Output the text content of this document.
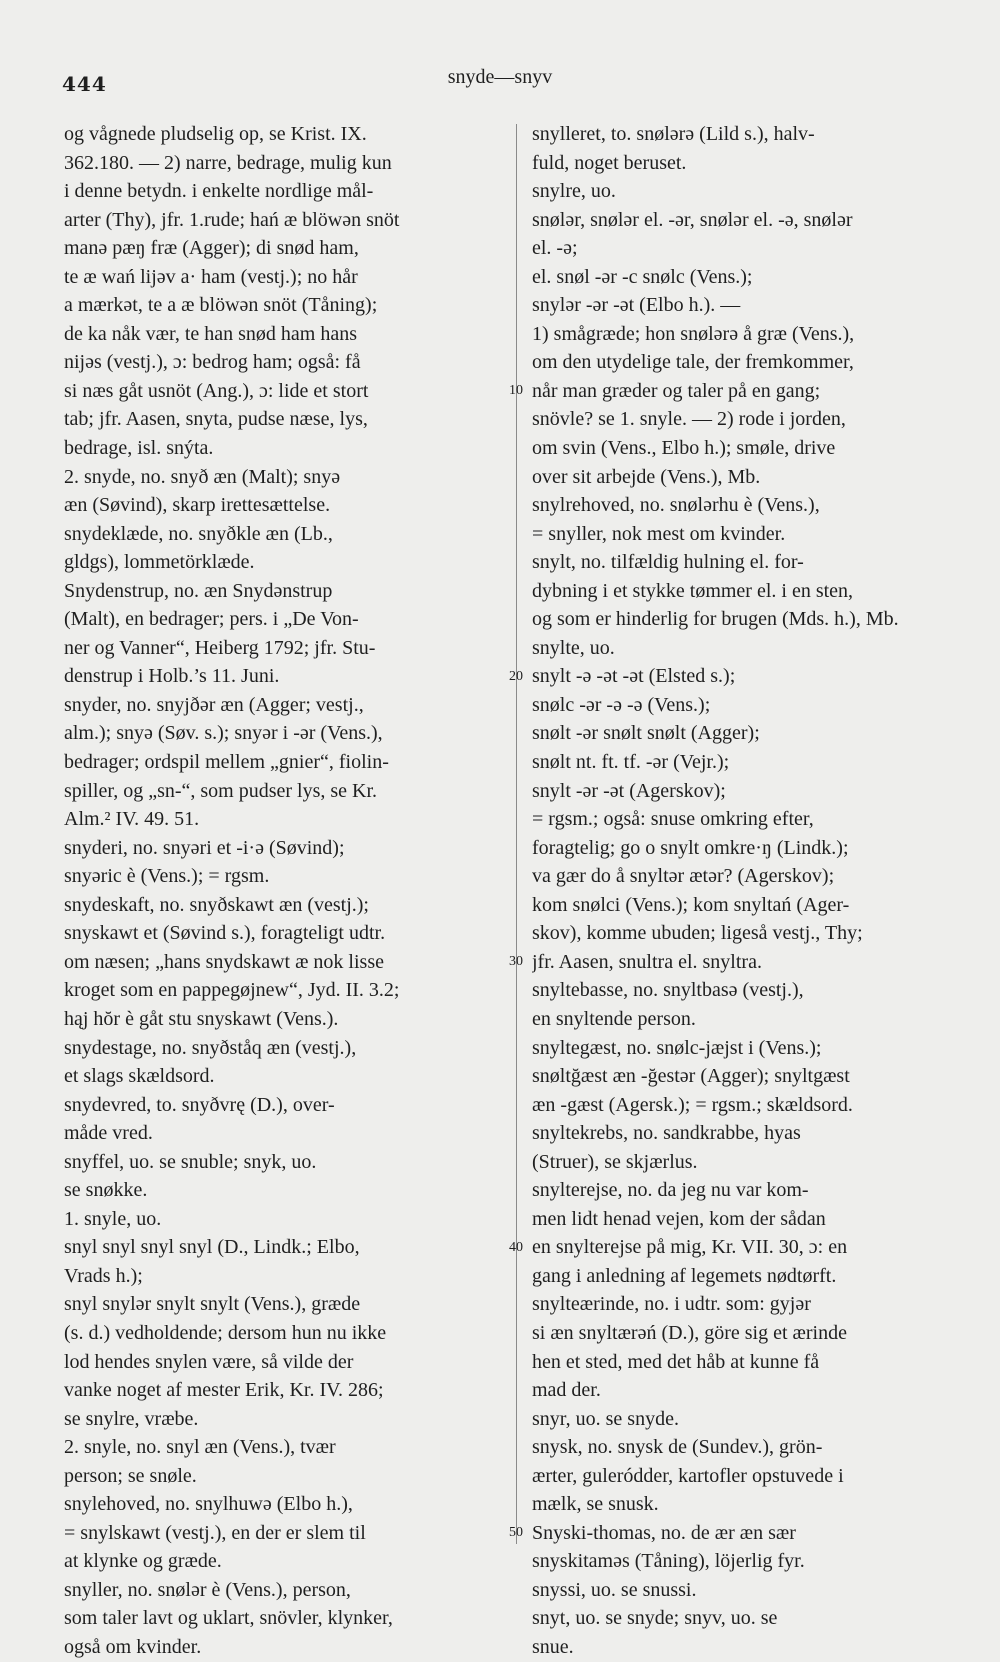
444	snyde—snyv
og vågnede pludselig op, se Krist. IX.
362.180. — 2) narre, bedrage, mulig kun
i denne betydn. i enkelte nordlige mål-
arter (Thy), jfr. 1.rude; hań æ blöwən snöt
manə pæŋ fræ (Agger); di snød ham,
te æ wań lijəv a· ham (vestj.); no hår
a mærkət, te a æ blöwən snöt (Tåning);
de ka nåk vær, te han snød ham hans
nijəs (vestj.), ɔ: bedrog ham; også: få
si næs gåt usnöt (Ang.), ɔ: lide et stort
tab; jfr. Aasen, snyta, pudse næse, lys,
bedrage, isl. snýta.
2. snyde, no. snyð æn (Malt); snyə
æn (Søvind), skarp irettesættelse.
snydeklæde, no. snyðkle æn (Lb.,
gldgs), lommetörklæde.
Snydenstrup, no. æn Snydənstrup
(Malt), en bedrager; pers. i „De Von-
ner og Vanner“, Heiberg 1792; jfr. Stu-
denstrup i Holb.’s 11. Juni.
snyder, no. snyjðər æn (Agger; vestj.,
alm.); snyə (Søv. s.); snyər i -ər (Vens.),
bedrager; ordspil mellem „gnier“, fiolin-
spiller, og „sn-“, som pudser lys, se Kr.
Alm.² IV. 49. 51.
snyderi, no. snyəri et -i·ə (Søvind);
snyəric è (Vens.); = rgsm.
snydeskaft, no. snyðskawt æn (vestj.);
snyskawt et (Søvind s.), foragteligt udtr.
om næsen; „hans snydskawt æ nok lisse
kroget som en pappegøjnew“, Jyd. II. 3.2;
hąj hŏr è gåt stu snyskawt (Vens.).
snydestage, no. snyðståq æn (vestj.),
et slags skældsord.
snydevred, to. snyðvrę (D.), over-
måde vred.
snyffel, uo. se snuble; snyk, uo.
se snøkke.
1. snyle, uo.
snyl snyl snyl snyl (D., Lindk.; Elbo,
Vrads h.);
snyl snylər snylt snylt (Vens.), græde
(s. d.) vedholdende; dersom hun nu ikke
lod hendes snylen være, så vilde der
vanke noget af mester Erik, Kr. IV. 286;
se snylre, vræbe.
2. snyle, no. snyl æn (Vens.), tvær
person; se snøle.
snylehoved, no. snylhuwə (Elbo h.),
= snylskawt (vestj.), en der er slem til
at klynke og græde.
snyller, no. snølər è (Vens.), person,
som taler lavt og uklart, snövler, klynker,
også om kvinder.
snylleret, to. snølərə (Lild s.), halv-
fuld, noget beruset.
snylre, uo.
snølər, snølər el. -ər, snølər el. -ə, snølər
el. -ə;
el. snøl -ər -c snølc (Vens.);
snylər -ər -ət (Elbo h.). —
1) smågræde; hon snølərə å græ (Vens.),
om den utydelige tale, der fremkommer,
når man græder og taler på en gang;
snövle? se 1. snyle. — 2) rode i jorden,
om svin (Vens., Elbo h.); smøle, drive
over sit arbejde (Vens.), Mb.
snylrehoved, no. snølərhu è (Vens.),
= snyller, nok mest om kvinder.
snylt, no. tilfældig hulning el. for-
dybning i et stykke tømmer el. i en sten,
og som er hinderlig for brugen (Mds. h.), Mb.
snylte, uo.
snylt -ə -ət -ət (Elsted s.);
snølc -ər -ə -ə (Vens.);
snølt -ər snølt snølt (Agger);
snølt nt. ft. tf. -ər (Vejr.);
snylt -ər -ət (Agerskov);
= rgsm.; også: snuse omkring efter,
foragtelig; go o snylt omkre·ŋ (Lindk.);
va gær do å snyltər ætər? (Agerskov);
kom snølci (Vens.); kom snyltań (Ager-
skov), komme ubuden; ligeså vestj., Thy;
jfr. Aasen, snultra el. snyltra.
snyltebasse, no. snyltbasə (vestj.),
en snyltende person.
snyltegæst, no. snølc-jæjst i (Vens.);
snøltğæst æn -ğestər (Agger); snyltgæst
æn -gæst (Agersk.); = rgsm.; skældsord.
snyltekrebs, no. sandkrabbe, hyas
(Struer), se skjærlus.
snylterejse, no. da jeg nu var kom-
men lidt henad vejen, kom der sådan
en snylterejse på mig, Kr. VII. 30, ɔ: en
gang i anledning af legemets nødtørft.
snylteærinde, no. i udtr. som: gyjər
si æn snyltærəń (D.), göre sig et ærinde
hen et sted, med det håb at kunne få
mad der.
snyr, uo. se snyde.
snysk, no. snysk de (Sundev.), grön-
ærter, guleródder, kartofler opstuvede i
mælk, se snusk.
Snyski-thomas, no. de ær æn sær
snyskitaməs (Tåning), löjerlig fyr.
snyssi, uo. se snussi.
snyt, uo. se snyde; snyv, uo. se
snue.
10
20
30
40
50
